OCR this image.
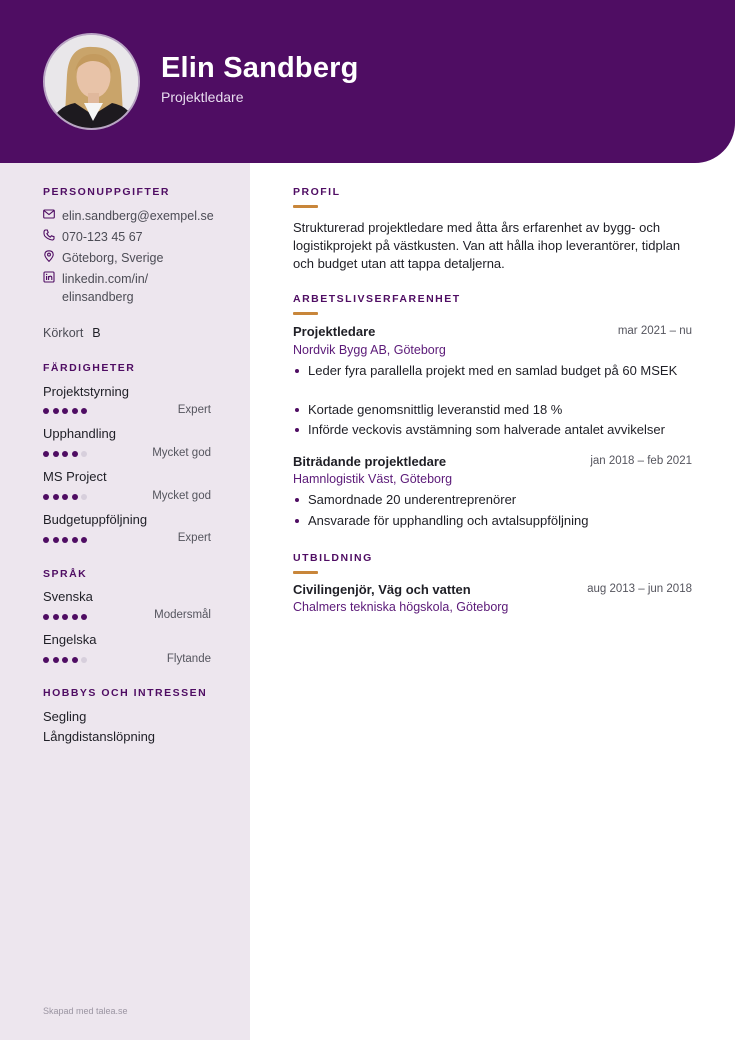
Elin Sandberg
Projektledare
PERSONUPPGIFTER
elin.sandberg@exempel.se
070-123 45 67
Göteborg, Sverige
linkedin.com/in/
elinsandberg
Körkort B
FÄRDIGHETER
Projektstyrning
Expert
Upphandling
Mycket god
MS Project
Mycket god
Budgetuppföljning
Expert
SPRÅK
Svenska
Modersmål
Engelska
Flytande
HOBBYS OCH INTRESSEN
Segling
Långdistanslöpning
Skapad med talea.se
PROFIL
Strukturerad projektledare med åtta års erfarenhet av bygg- och logistikprojekt på västkusten. Van att hålla ihop leverantörer, tidplan och budget utan att tappa detaljerna.
ARBETSLIVSERFARENHET
Projektledare	mar 2021 – nu
Nordvik Bygg AB, Göteborg
Leder fyra parallella projekt med en samlad budget på 60 MSEK
Kortade genomsnittlig leveranstid med 18 %
Införde veckovis avstämning som halverade antalet avvikelser
Biträdande projektledare	jan 2018 – feb 2021
Hamnlogistik Väst, Göteborg
Samordnade 20 underentreprenörer
Ansvarade för upphandling och avtalsuppföljning
UTBILDNING
Civilingenjör, Väg och vatten	aug 2013 – jun 2018
Chalmers tekniska högskola, Göteborg
